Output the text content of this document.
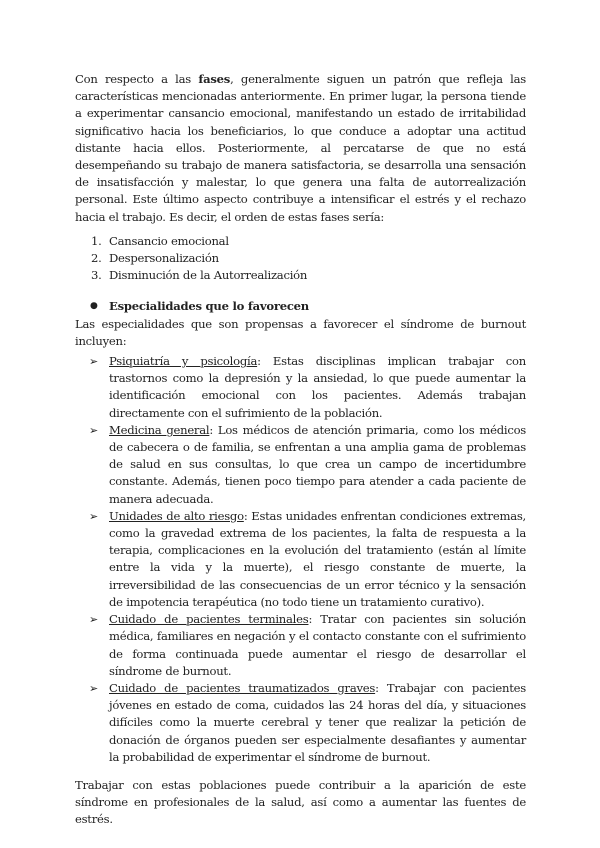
Con respecto a las fases, generalmente siguen un patrón que refleja las características mencionadas anteriormente. En primer lugar, la persona tiende a experimentar cansancio emocional, manifestando un estado de irritabilidad significativo hacia los beneficiarios, lo que conduce a adoptar una actitud distante hacia ellos. Posteriormente, al percatarse de que no está desempeñando su trabajo de manera satisfactoria, se desarrolla una sensación de insatisfacción y malestar, lo que genera una falta de autorrealización personal. Este último aspecto contribuye a intensificar el estrés y el rechazo hacia el trabajo. Es decir, el orden de estas fases sería:

1. Cansancio emocional
2. Despersonalización
3. Disminución de la Autorrealización
● Especialidades que lo favorecen

Las especialidades que son propensas a favorecer el síndrome de burnout incluyen:

➢ Psiquiatría y psicología: Estas disciplinas implican trabajar con trastornos como la depresión y la ansiedad, lo que puede aumentar la identificación emocional con los pacientes. Además trabajan directamente con el sufrimiento de la población.
➢ Medicina general: Los médicos de atención primaria, como los médicos de cabecera o de familia, se enfrentan a una amplia gama de problemas de salud en sus consultas, lo que crea un campo de incertidumbre constante. Además, tienen poco tiempo para atender a cada paciente de manera adecuada.
➢ Unidades de alto riesgo: Estas unidades enfrentan condiciones extremas, como la gravedad extrema de los pacientes, la falta de respuesta a la terapia, complicaciones en la evolución del tratamiento (están al límite entre la vida y la muerte), el riesgo constante de muerte, la irreversibilidad de las consecuencias de un error técnico y la sensación de impotencia terapéutica (no todo tiene un tratamiento curativo).
➢ Cuidado de pacientes terminales: Tratar con pacientes sin solución médica, familiares en negación y el contacto constante con el sufrimiento de forma continuada puede aumentar el riesgo de desarrollar el síndrome de burnout.
➢ Cuidado de pacientes traumatizados graves: Trabajar con pacientes jóvenes en estado de coma, cuidados las 24 horas del día, y situaciones difíciles como la muerte cerebral y tener que realizar la petición de donación de órganos pueden ser especialmente desafiantes y aumentar la probabilidad de experimentar el síndrome de burnout.

Trabajar con estas poblaciones puede contribuir a la aparición de este síndrome en profesionales de la salud, así como a aumentar las fuentes de estrés.
